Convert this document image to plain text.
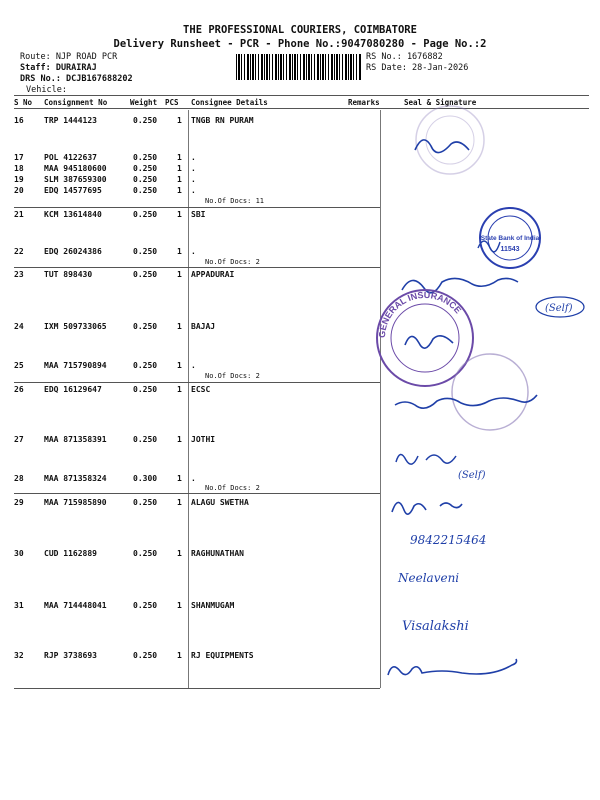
THE PROFESSIONAL COURIERS, COIMBATORE
Delivery Runsheet - PCR - Phone No.:9047080280 - Page No.:2
Route: NJP ROAD PCR
Staff: DURAIRAJ
DRS No.: DCJB167688202
Vehicle:
RS No.: 1676882
RS Date: 28-Jan-2026
S No Consignment No	Weight PCS Consignee Details	Remarks	Seal & Signature
16	TRP 1444123	0.250 1 TNGB RN PURAM
17	POL 4122637	0.250 1 .
18	MAA 945180600	0.250 1 .
19	SLM 387659300	0.250 1 .
20	EDQ 14577695	0.250 1 .
No.Of Docs: 11
21	KCM 13614840	0.250 1 SBI
22	EDQ 26024386	0.250 1 .
No.Of Docs: 2
23	TUT 898430	0.250 1 APPADURAI
24	IXM 509733065	0.250 1 BAJAJ
25	MAA 715790894	0.250 1 .
No.Of Docs: 2
26	EDQ 16129647	0.250 1 ECSC
27	MAA 871358391	0.250 1 JOTHI
28	MAA 871358324	0.300 1 .
No.Of Docs: 2
29	MAA 715985890	0.250 1 ALAGU SWETHA
30	CUD 1162889	0.250 1 RAGHUNATHAN
31	MAA 714448041	0.250 1 SHANMUGAM
32	RJP 3738693	0.250 1 RJ EQUIPMENTS
State Bank of India
11543
(Self)
GENERAL INSURANCE
(Self)
9842215464
Neelaveni
Visalakshi
